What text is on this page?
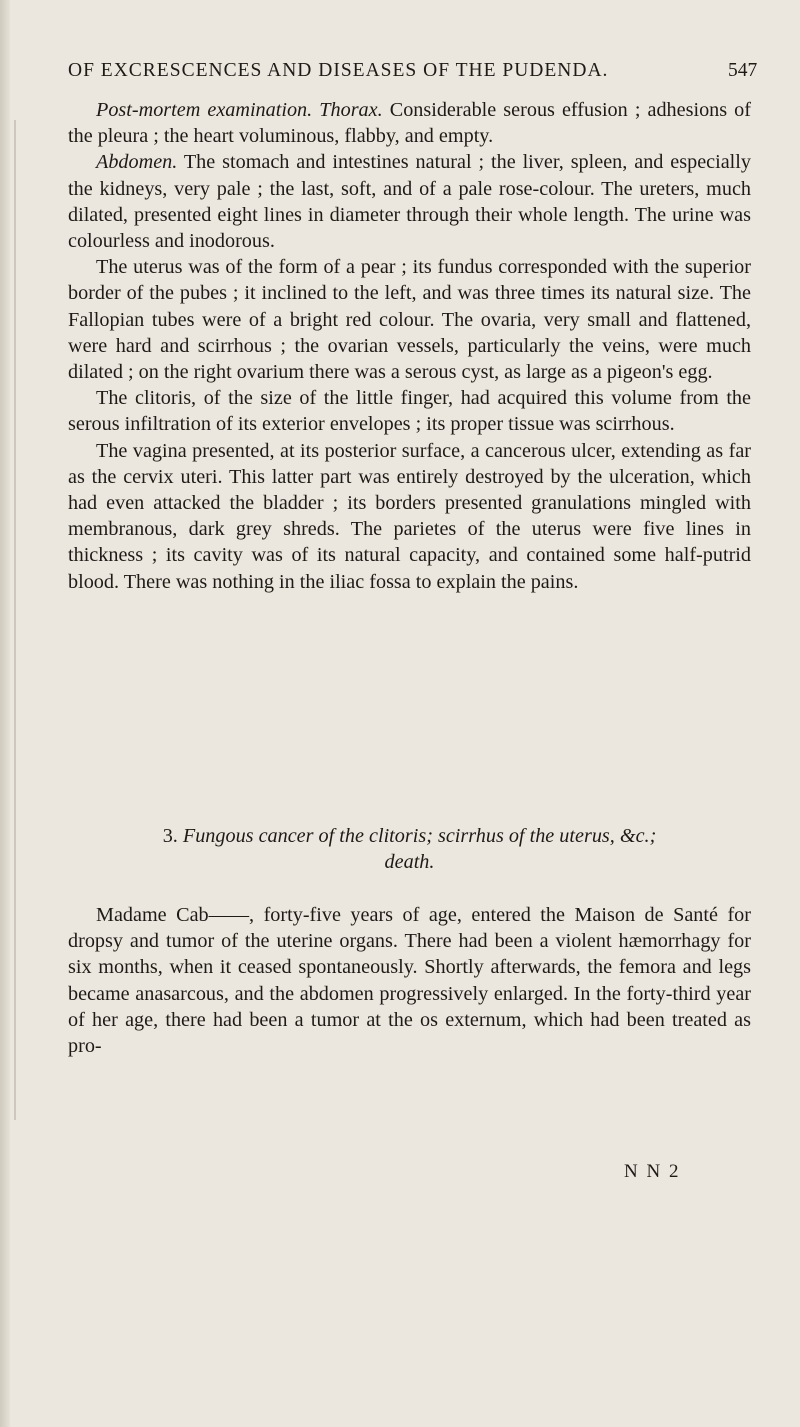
OF EXCRESCENCES AND DISEASES OF THE PUDENDA.	547

Post-mortem examination. Thorax. Considerable serous effusion ; adhesions of the pleura ; the heart voluminous, flabby, and empty.

Abdomen. The stomach and intestines natural ; the liver, spleen, and especially the kidneys, very pale ; the last, soft, and of a pale rose-colour. The ureters, much dilated, presented eight lines in diameter through their whole length. The urine was colourless and inodorous.

The uterus was of the form of a pear ; its fundus corresponded with the superior border of the pubes ; it inclined to the left, and was three times its natural size. The Fallopian tubes were of a bright red colour. The ovaria, very small and flattened, were hard and scirrhous ; the ovarian vessels, particularly the veins, were much dilated ; on the right ovarium there was a serous cyst, as large as a pigeon's egg.

The clitoris, of the size of the little finger, had acquired this volume from the serous infiltration of its exterior envelopes ; its proper tissue was scirrhous.

The vagina presented, at its posterior surface, a cancerous ulcer, extending as far as the cervix uteri. This latter part was entirely destroyed by the ulceration, which had even attacked the bladder ; its borders presented granulations mingled with membranous, dark grey shreds. The parietes of the uterus were five lines in thickness ; its cavity was of its natural capacity, and contained some half-putrid blood. There was nothing in the iliac fossa to explain the pains.

3. Fungous cancer of the clitoris; scirrhus of the uterus, &c.;
death.

Madame Cab——, forty-five years of age, entered the Maison de Santé for dropsy and tumor of the uterine organs. There had been a violent hæmorrhagy for six months, when it ceased spontaneously. Shortly afterwards, the femora and legs became anasarcous, and the abdomen progressively enlarged. In the forty-third year of her age, there had been a tumor at the os externum, which had been treated as pro-

N N 2
